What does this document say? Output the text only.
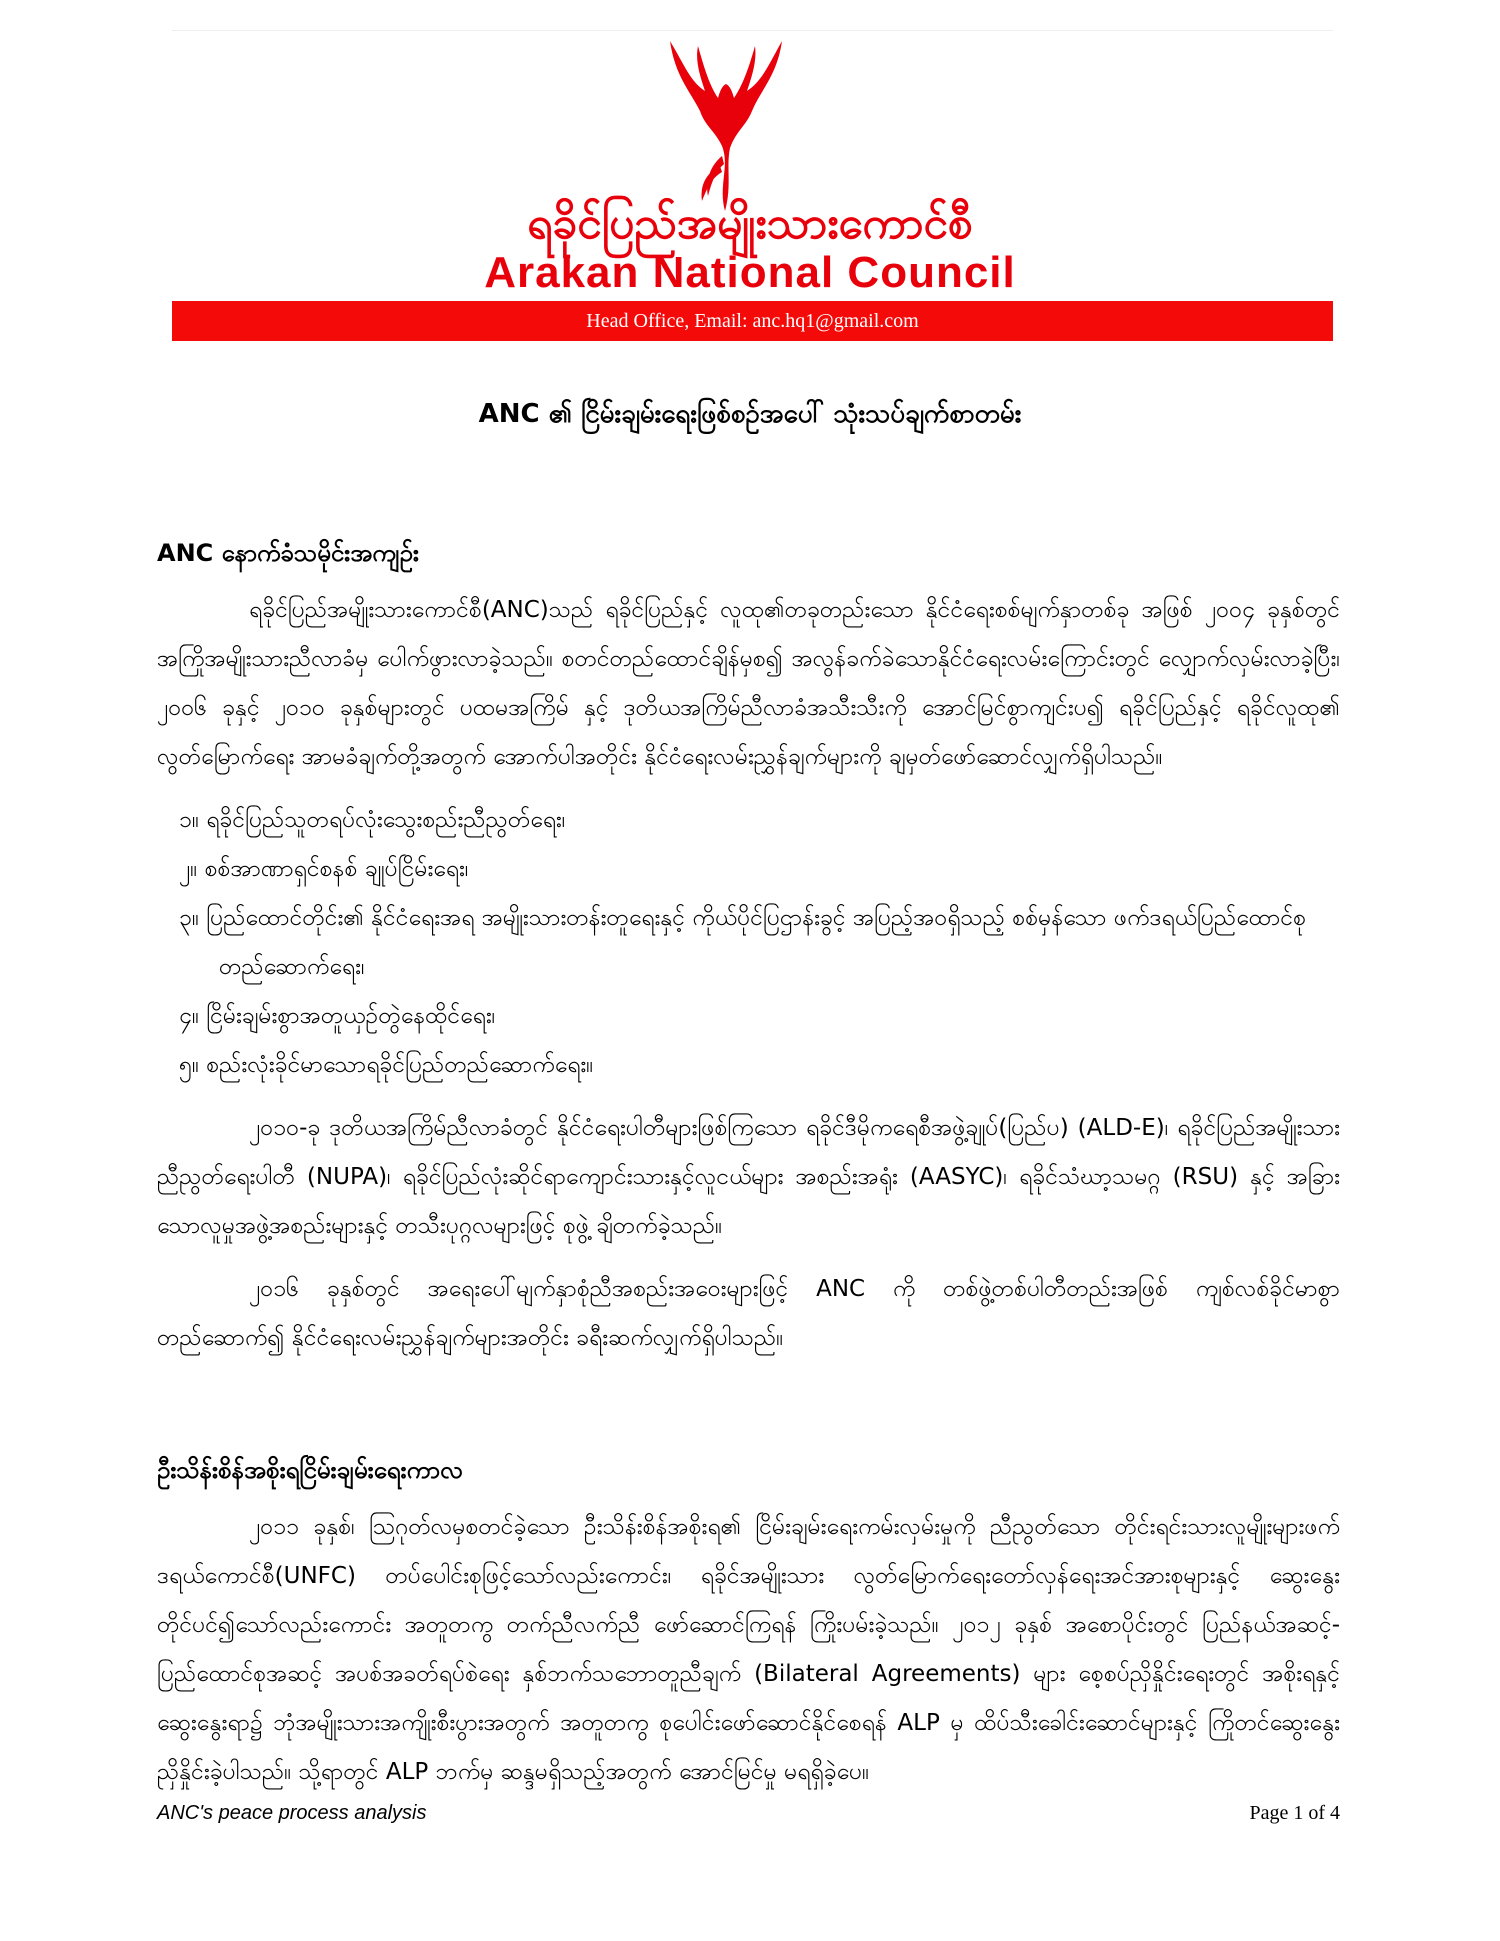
ရခိုင်ပြည်အမျိုးသားကောင်စီ
Arakan National Council
Head Office, Email: anc.hq1@gmail.com
ANC ၏ ငြိမ်းချမ်းရေးဖြစ်စဉ်အပေါ် သုံးသပ်ချက်စာတမ်း
ANC နောက်ခံသမိုင်းအကျဉ်း

ရခိုင်ပြည်အမျိုးသားကောင်စီ(ANC)သည် ရခိုင်ပြည်နှင့် လူထု၏တခုတည်းသော နိုင်ငံရေးစစ်မျက်နှာတစ်ခု အဖြစ် ၂၀၀၄ ခုနှစ်တွင် အကြိုအမျိုးသားညီလာခံမှ ပေါက်ဖွားလာခဲ့သည်။ စတင်တည်ထောင်ချိန်မှစ၍ အလွန်ခက်ခဲသောနိုင်ငံရေးလမ်းကြောင်းတွင် လျှောက်လှမ်းလာခဲ့ပြီး၊ ၂၀၀၆ ခုနှင့် ၂၀၁၀ ခုနှစ်များတွင် ပထမအကြိမ် နှင့် ဒုတိယအကြိမ်ညီလာခံအသီးသီးကို အောင်မြင်စွာကျင်းပ၍ ရခိုင်ပြည်နှင့် ရခိုင်လူထု၏ လွတ်မြောက်ရေး အာမခံချက်တို့အတွက် အောက်ပါအတိုင်း နိုင်ငံရေးလမ်းညွှန်ချက်များကို ချမှတ်ဖော်ဆောင်လျှက်ရှိပါသည်။

၁။ ရခိုင်ပြည်သူတရပ်လုံးသွေးစည်းညီညွတ်ရေး၊
၂။ စစ်အာဏာရှင်စနစ် ချုပ်ငြိမ်းရေး၊
၃။ ပြည်ထောင်တိုင်း၏ နိုင်ငံရေးအရ အမျိုးသားတန်းတူရေးနှင့် ကိုယ်ပိုင်ပြဌာန်းခွင့် အပြည့်အဝရှိသည့် စစ်မှန်သော ဖက်ဒရယ်ပြည်ထောင်စုတည်ဆောက်ရေး၊
၄။ ငြိမ်းချမ်းစွာအတူယှဉ်တွဲနေထိုင်ရေး၊
၅။ စည်းလုံးခိုင်မာသောရခိုင်ပြည်တည်ဆောက်ရေး။

၂၀၁၀-ခု ဒုတိယအကြိမ်ညီလာခံတွင် နိုင်ငံရေးပါတီများဖြစ်ကြသော ရခိုင်ဒီမိုကရေစီအဖွဲ့ချုပ်(ပြည်ပ) (ALD-E)၊ ရခိုင်ပြည်အမျိုးသားညီညွတ်ရေးပါတီ (NUPA)၊ ရခိုင်ပြည်လုံးဆိုင်ရာကျောင်းသားနှင့်လူငယ်များ အစည်းအရုံး (AASYC)၊ ရခိုင်သံဃာ့သမဂ္ဂ (RSU) နှင့် အခြားသောလူမှုအဖွဲ့အစည်းများနှင့် တသီးပုဂ္ဂလများဖြင့် စုဖွဲ့ ချိတက်ခဲ့သည်။

၂၀၁၆ ခုနှစ်တွင် အရေးပေါ်မျက်နှာစုံညီအစည်းအဝေးများဖြင့် ANC ကို တစ်ဖွဲ့တစ်ပါတီတည်းအဖြစ် ကျစ်လစ်ခိုင်မာစွာ တည်ဆောက်၍ နိုင်ငံရေးလမ်းညွှန်ချက်များအတိုင်း ခရီးဆက်လျှက်ရှိပါသည်။

ဦးသိန်းစိန်အစိုးရငြိမ်းချမ်းရေးကာလ

၂၀၁၁ ခုနှစ်၊ ဩဂုတ်လမှစတင်ခဲ့သော ဦးသိန်းစိန်အစိုးရ၏ ငြိမ်းချမ်းရေးကမ်းလှမ်းမှုကို ညီညွတ်သော တိုင်းရင်းသားလူမျိုးများဖက်ဒရယ်ကောင်စီ(UNFC) တပ်ပေါင်းစုဖြင့်သော်လည်းကောင်း၊ ရခိုင်အမျိုးသား လွတ်မြောက်ရေးတော်လှန်ရေးအင်အားစုများနှင့် ဆွေးနွေးတိုင်ပင်၍သော်လည်းကောင်း အတူတကွ တက်ညီလက်ညီ ဖော်ဆောင်ကြရန် ကြိုးပမ်းခဲ့သည်။ ၂၀၁၂ ခုနှစ် အစောပိုင်းတွင် ပြည်နယ်အဆင့်-ပြည်ထောင်စုအဆင့် အပစ်အခတ်ရပ်စဲရေး နှစ်ဘက်သဘောတူညီချက် (Bilateral Agreements) များ စေ့စပ်ညှိနှိုင်းရေးတွင် အစိုးရနှင့် ဆွေးနွေးရာ၌ ဘုံအမျိုးသားအကျိုးစီးပွားအတွက် အတူတကွ စုပေါင်းဖော်ဆောင်နိုင်စေရန် ALP မှ ထိပ်သီးခေါင်းဆောင်များနှင့် ကြိုတင်ဆွေးနွေးညှိနှိုင်းခဲ့ပါသည်။ သို့ရာတွင် ALP ဘက်မှ ဆန္ဒမရှိသည့်အတွက် အောင်မြင်မှု မရရှိခဲ့ပေ။

ANC's peace process analysis	Page 1 of 4
